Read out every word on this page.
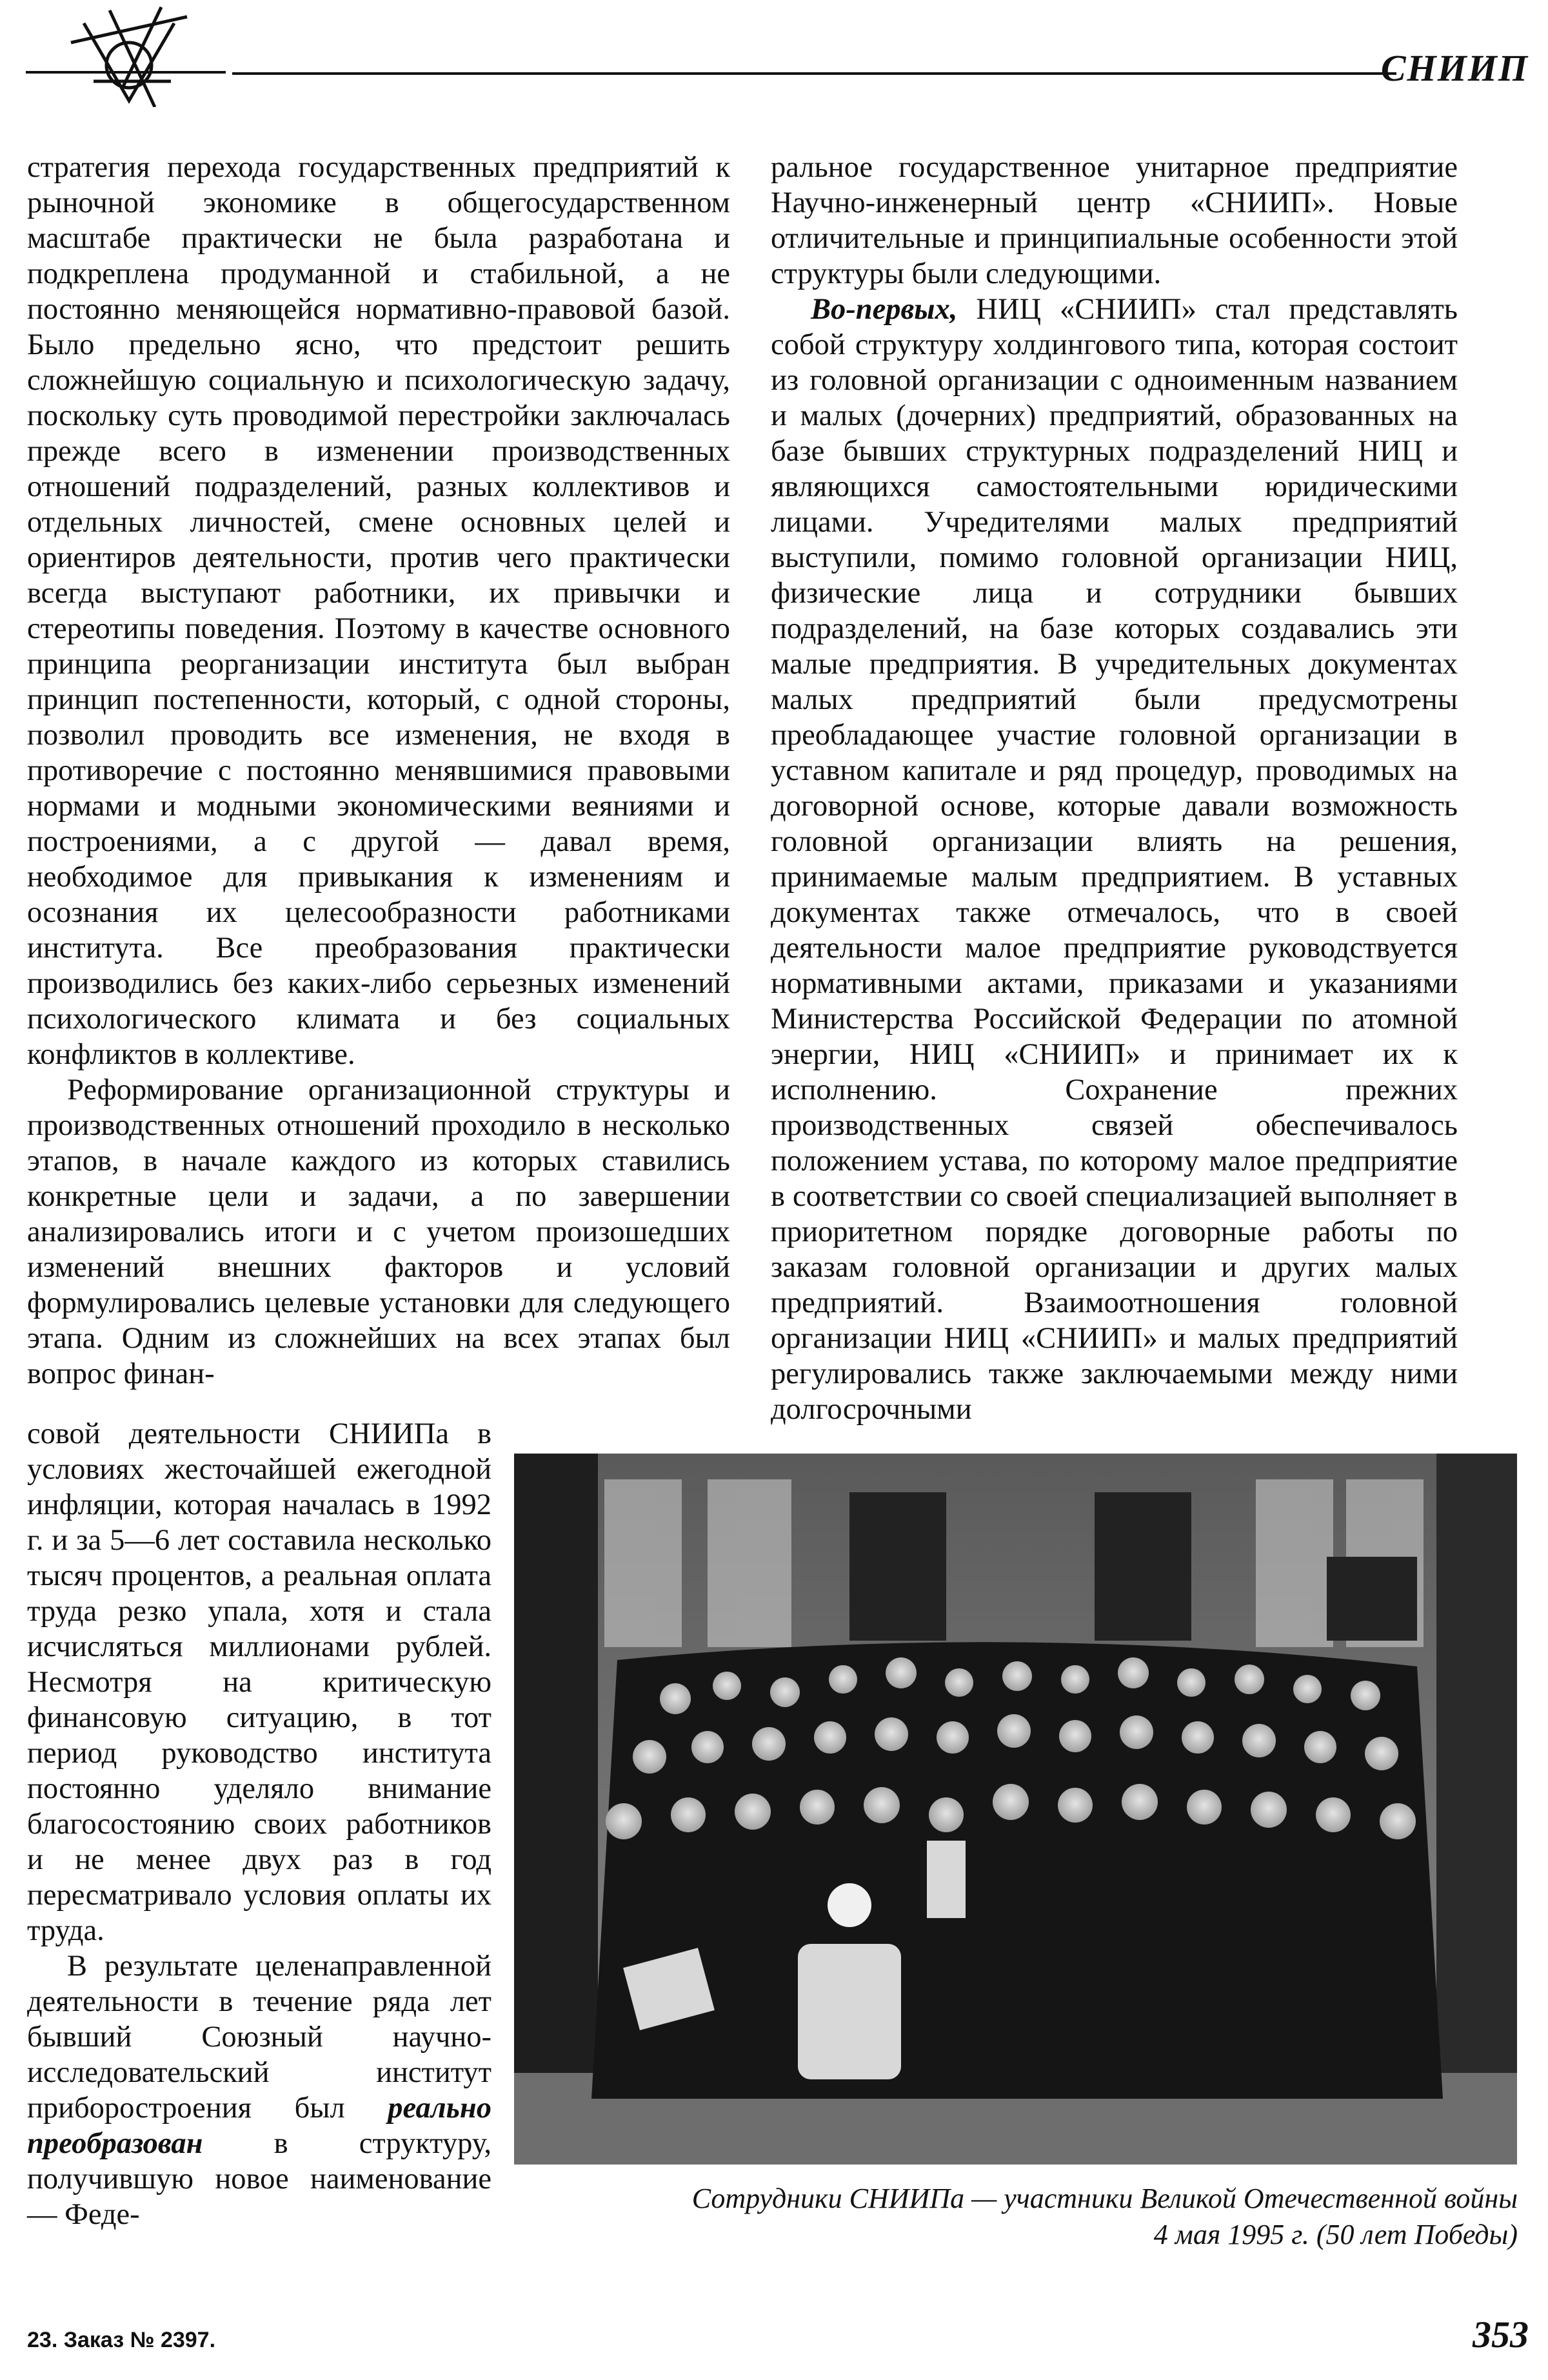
СНИИП

стратегия перехода государственных предприятий к рыночной экономике в общегосударственном масштабе практически не была разработана и подкреплена продуманной и стабильной, а не постоянно меняющейся нормативно-правовой базой. Было предельно ясно, что предстоит решить сложнейшую социальную и психологическую задачу, поскольку суть проводимой перестройки заключалась прежде всего в изменении производственных отношений подразделений, разных коллективов и отдельных личностей, смене основных целей и ориентиров деятельности, против чего практически всегда выступают работники, их привычки и стереотипы поведения. Поэтому в качестве основного принципа реорганизации института был выбран принцип постепенности, который, с одной стороны, позволил проводить все изменения, не входя в противоречие с постоянно менявшимися правовыми нормами и модными экономическими веяниями и построениями, а с другой — давал время, необходимое для привыкания к изменениям и осознания их целесообразности работниками института. Все преобразования практически производились без каких-либо серьезных изменений психологического климата и без социальных конфликтов в коллективе.

Реформирование организационной структуры и производственных отношений проходило в несколько этапов, в начале каждого из которых ставились конкретные цели и задачи, а по завершении анализировались итоги и с учетом произошедших изменений внешних факторов и условий формулировались целевые установки для следующего этапа. Одним из сложнейших на всех этапах был вопрос финан-

совой деятельности СНИИПа в условиях жесточайшей ежегодной инфляции, которая началась в 1992 г. и за 5—6 лет составила несколько тысяч процентов, а реальная оплата труда резко упала, хотя и стала исчисляться миллионами рублей. Несмотря на критическую финансовую ситуацию, в тот период руководство института постоянно уделяло внимание благосостоянию своих работников и не менее двух раз в год пересматривало условия оплаты их труда.

В результате целенаправленной деятельности в течение ряда лет бывший Союзный научно-исследовательский институт приборостроения был реально преобразован в структуру, получившую новое наименование — Феде-

ральное государственное унитарное предприятие Научно-инженерный центр «СНИИП». Новые отличительные и принципиальные особенности этой структуры были следующими.

Во-первых, НИЦ «СНИИП» стал представлять собой структуру холдингового типа, которая состоит из головной организации с одноименным названием и малых (дочерних) предприятий, образованных на базе бывших структурных подразделений НИЦ и являющихся самостоятельными юридическими лицами. Учредителями малых предприятий выступили, помимо головной организации НИЦ, физические лица и сотрудники бывших подразделений, на базе которых создавались эти малые предприятия. В учредительных документах малых предприятий были предусмотрены преобладающее участие головной организации в уставном капитале и ряд процедур, проводимых на договорной основе, которые давали возможность головной организации влиять на решения, принимаемые малым предприятием. В уставных документах также отмечалось, что в своей деятельности малое предприятие руководствуется нормативными актами, приказами и указаниями Министерства Российской Федерации по атомной энергии, НИЦ «СНИИП» и принимает их к исполнению. Сохранение прежних производственных связей обеспечивалось положением устава, по которому малое предприятие в соответствии со своей специализацией выполняет в приоритетном порядке договорные работы по заказам головной организации и других малых предприятий. Взаимоотношения головной организации НИЦ «СНИИП» и малых предприятий регулировались также заключаемыми между ними долгосрочными

Сотрудники СНИИПа — участники Великой Отечественной войны
4 мая 1995 г. (50 лет Победы)
23. Заказ № 2397.	353
